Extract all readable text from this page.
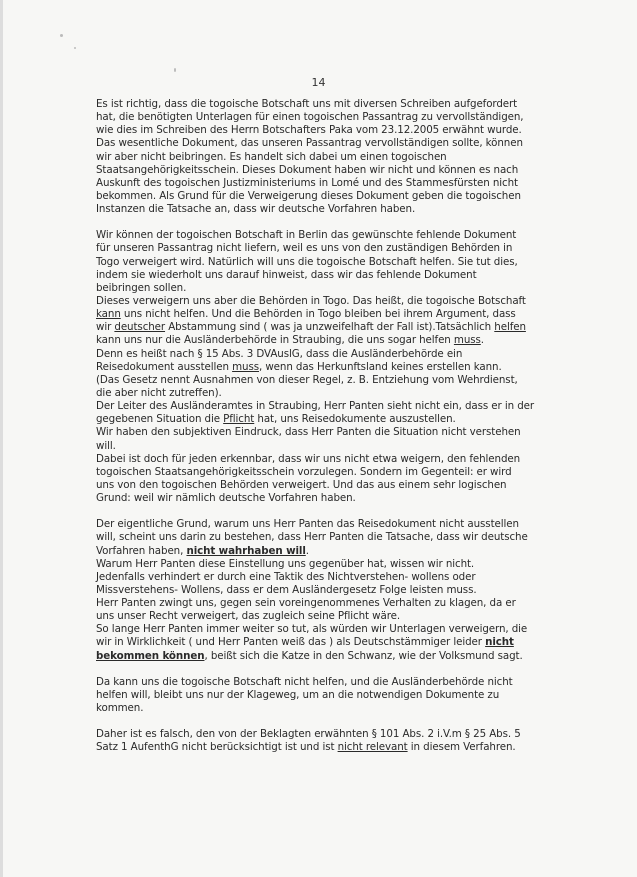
14
Es ist richtig, dass die togoische Botschaft uns mit diversen Schreiben aufgefordert
hat, die benötigten Unterlagen für einen togoischen Passantrag zu vervollständigen,
wie dies im Schreiben des Herrn Botschafters Paka vom 23.12.2005 erwähnt wurde.
Das wesentliche Dokument, das unseren Passantrag vervollständigen sollte, können
wir aber nicht beibringen. Es handelt sich dabei um einen togoischen
Staatsangehörigkeitsschein. Dieses Dokument haben wir nicht und können es nach
Auskunft des togoischen Justizministeriums in Lomé und des Stammesfürsten nicht
bekommen. Als Grund für die Verweigerung dieses Dokument geben die togoischen
Instanzen die Tatsache an, dass wir deutsche Vorfahren haben.
Wir können der togoischen Botschaft in Berlin das gewünschte fehlende Dokument
für unseren Passantrag nicht liefern, weil es uns von den zuständigen Behörden in
Togo verweigert wird. Natürlich will uns die togoische Botschaft helfen. Sie tut dies,
indem sie wiederholt uns darauf hinweist, dass wir das fehlende Dokument
beibringen sollen.
Dieses verweigern uns aber die Behörden in Togo. Das heißt, die togoische Botschaft
kann uns nicht helfen. Und die Behörden in Togo bleiben bei ihrem Argument, dass
wir deutscher Abstammung sind ( was ja unzweifelhaft der Fall ist).Tatsächlich helfen
kann uns nur die Ausländerbehörde in Straubing, die uns sogar helfen muss.
Denn es heißt nach § 15 Abs. 3 DVAuslG, dass die Ausländerbehörde ein
Reisedokument ausstellen muss, wenn das Herkunftsland keines erstellen kann.
(Das Gesetz nennt Ausnahmen von dieser Regel, z. B. Entziehung vom Wehrdienst,
die aber nicht zutreffen).
Der Leiter des Ausländeramtes in Straubing, Herr Panten sieht nicht ein, dass er in der
gegebenen Situation die Pflicht hat, uns Reisedokumente auszustellen.
Wir haben den subjektiven Eindruck, dass Herr Panten die Situation nicht verstehen
will.
Dabei ist doch für jeden erkennbar, dass wir uns nicht etwa weigern, den fehlenden
togoischen Staatsangehörigkeitsschein vorzulegen. Sondern im Gegenteil: er wird
uns von den togoischen Behörden verweigert. Und das aus einem sehr logischen
Grund: weil wir nämlich deutsche Vorfahren haben.
Der eigentliche Grund, warum uns Herr Panten das Reisedokument nicht ausstellen
will, scheint uns darin zu bestehen, dass Herr Panten die Tatsache, dass wir deutsche
Vorfahren haben, nicht wahrhaben will.
Warum Herr Panten diese Einstellung uns gegenüber hat, wissen wir nicht.
Jedenfalls verhindert er durch eine Taktik des Nichtverstehen- wollens oder
Missverstehens- Wollens, dass er dem Ausländergesetz Folge leisten muss.
Herr Panten zwingt uns, gegen sein voreingenommenes Verhalten zu klagen, da er
uns unser Recht verweigert, das zugleich seine Pflicht wäre.
So lange Herr Panten immer weiter so tut, als würden wir Unterlagen verweigern, die
wir in Wirklichkeit ( und Herr Panten weiß das ) als Deutschstämmiger leider nicht
bekommen können, beißt sich die Katze in den Schwanz, wie der Volksmund sagt.
Da kann uns die togoische Botschaft nicht helfen, und die Ausländerbehörde nicht
helfen will, bleibt uns nur der Klageweg, um an die notwendigen Dokumente zu
kommen.
Daher ist es falsch, den von der Beklagten erwähnten § 101 Abs. 2 i.V.m § 25 Abs. 5
Satz 1 AufenthG nicht berücksichtigt ist und ist nicht relevant in diesem Verfahren.
